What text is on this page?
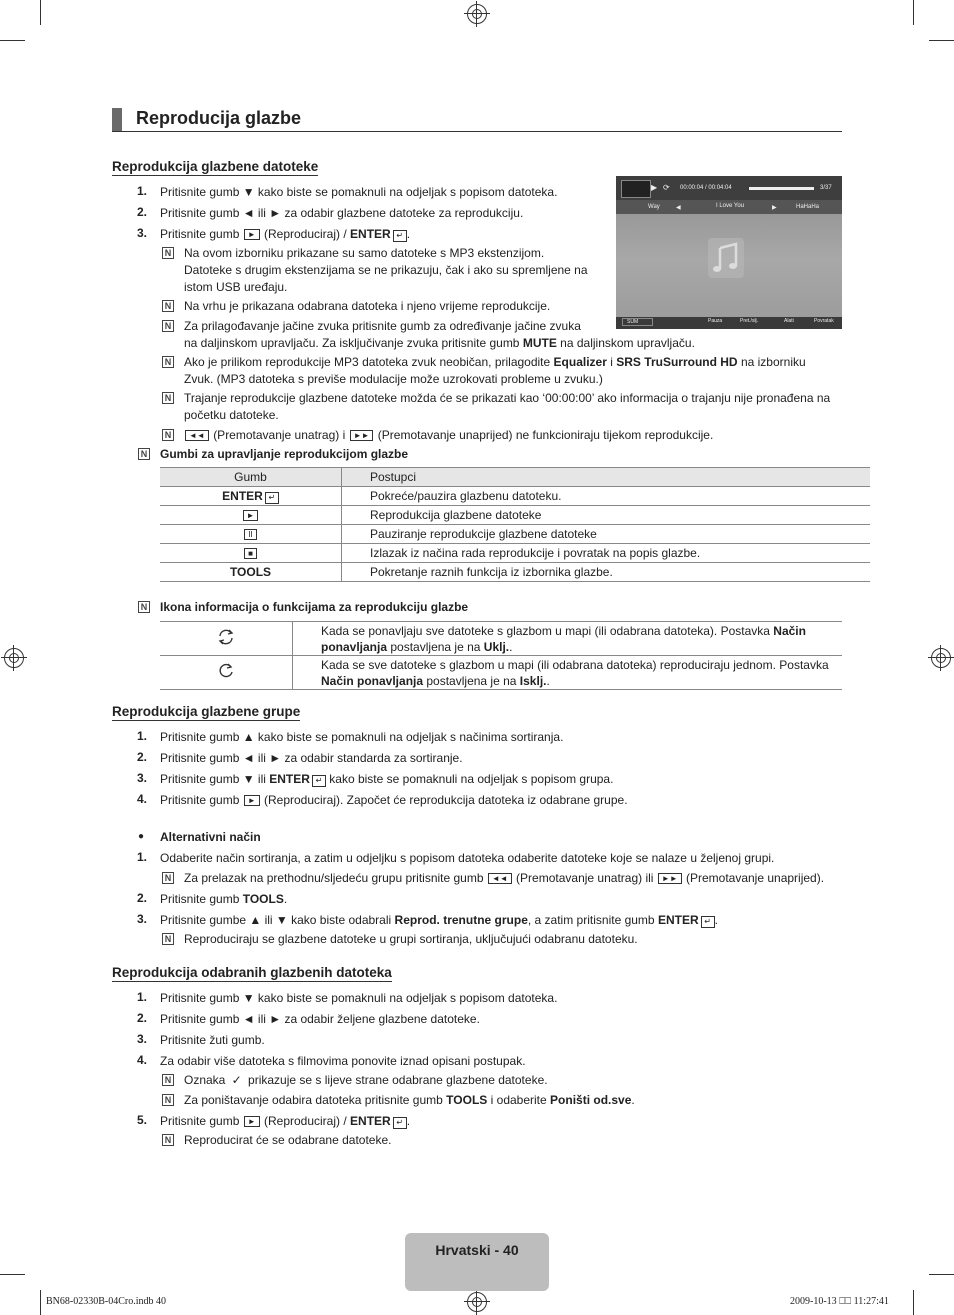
Reproducija glazbe
Reprodukcija glazbene datoteke
1. Pritisnite gumb ▼ kako biste se pomaknuli na odjeljak s popisom datoteka.
2. Pritisnite gumb ◄ ili ► za odabir glazbene datoteke za reprodukciju.
3. Pritisnite gumb ► (Reproduciraj) / ENTER ↵ .
N Na ovom izborniku prikazane su samo datoteke s MP3 ekstenzijom.
Datoteke s drugim ekstenzijama se ne prikazuju, čak i ako su spremljene na
istom USB uređaju.
N Na vrhu je prikazana odabrana datoteka i njeno vrijeme reprodukcije.
N Za prilagođavanje jačine zvuka pritisnite gumb za određivanje jačine zvuka
na daljinskom upravljaču. Za isključivanje zvuka pritisnite gumb MUTE na daljinskom upravljaču.
N Ako je prilikom reprodukcije MP3 datoteka zvuk neobičan, prilagodite Equalizer i SRS TruSurround HD na izborniku
Zvuk. (MP3 datoteka s previše modulacije može uzrokovati probleme u zvuku.)
N Trajanje reprodukcije glazbene datoteke možda će se prikazati kao ‘00:00:00’ ako informacija o trajanju nije pronađena na
početku datoteke.
N	◄◄ (Premotavanje unatrag) i ►► (Premotavanje unaprijed) ne funkcioniraju tijekom reprodukcije.
N Gumbi za upravljanje reprodukcijom glazbe
Gumb	Postupci
ENTER ↵	Pokreće/pauzira glazbenu datoteku.
►	Reprodukcija glazbene datoteke
II	Pauziranje reprodukcije glazbene datoteke
■	Izlazak iz načina rada reprodukcije i povratak na popis glazbe.
TOOLS	Pokretanje raznih funkcija iz izbornika glazbe.
N Ikona informacija o funkcijama za reprodukciju glazbe
	Kada se ponavljaju sve datoteke s glazbom u mapi (ili odabrana datoteka). Postavka Način ponavljanja postavljena je na Uklj..
	Kada se sve datoteke s glazbom u mapi (ili odabrana datoteka) reproduciraju jednom. Postavka Način ponavljanja postavljena je na Isklj..
▶ ⟳ 00:00:04 / 00:04:04	3/37
Way	◀	I Love You	▶	HaHaHa
SUM	Pauza	Pret./slj.	Alati	Povratak
Reprodukcija glazbene grupe
1. Pritisnite gumb ▲ kako biste se pomaknuli na odjeljak s načinima sortiranja.
2. Pritisnite gumb ◄ ili ► za odabir standarda za sortiranje.
3. Pritisnite gumb ▼ ili ENTER ↵ kako biste se pomaknuli na odjeljak s popisom grupa.
4. Pritisnite gumb ► (Reproduciraj). Započet će reprodukcija datoteka iz odabrane grupe.
● Alternativni način
1. Odaberite način sortiranja, a zatim u odjeljku s popisom datoteka odaberite datoteke koje se nalaze u željenoj grupi.
N Za prelazak na prethodnu/sljedeću grupu pritisnite gumb ◄◄ (Premotavanje unatrag) ili ►► (Premotavanje unaprijed).
2. Pritisnite gumb TOOLS.
3. Pritisnite gumbe ▲ ili ▼ kako biste odabrali Reprod. trenutne grupe, a zatim pritisnite gumb ENTER ↵ .
N Reproduciraju se glazbene datoteke u grupi sortiranja, uključujući odabranu datoteku.
Reprodukcija odabranih glazbenih datoteka
1. Pritisnite gumb ▼ kako biste se pomaknuli na odjeljak s popisom datoteka.
2. Pritisnite gumb ◄ ili ► za odabir željene glazbene datoteke.
3. Pritisnite žuti gumb.
4. Za odabir više datoteka s filmovima ponovite iznad opisani postupak.
N Oznaka ✓ prikazuje se s lijeve strane odabrane glazbene datoteke.
N Za poništavanje odabira datoteka pritisnite gumb TOOLS i odaberite Poništi od.sve.
5. Pritisnite gumb ► (Reproduciraj) / ENTER ↵ .
N Reproducirat će se odabrane datoteke.
Hrvatski - 40
BN68-02330B-04Cro.indb 40	2009-10-13 ⎕⎕ 11:27:41
